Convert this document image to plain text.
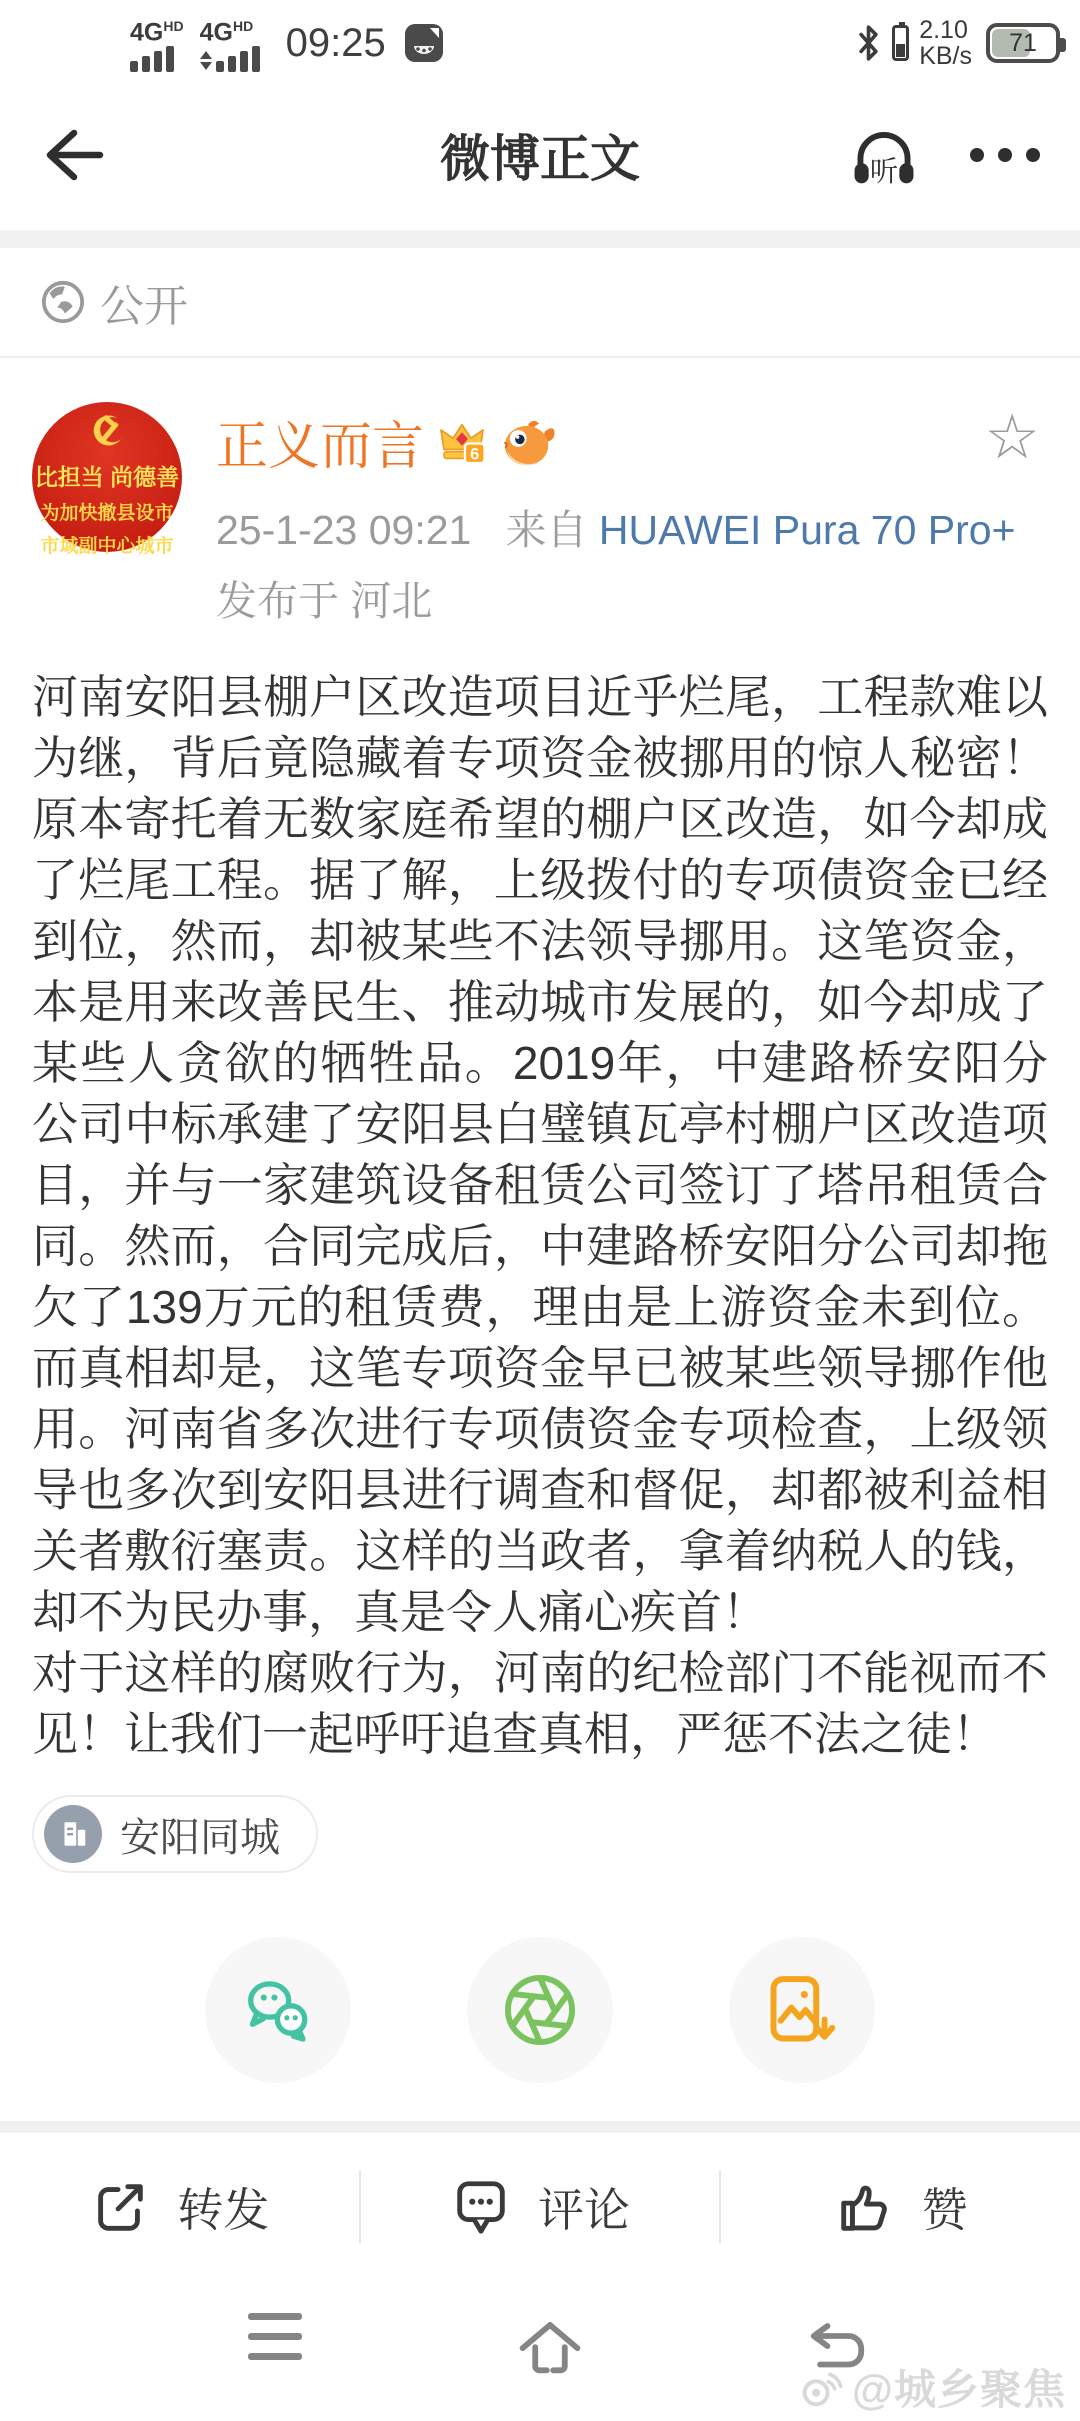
$4G^{HD}$ $4G^{HD}$ 09:25	2.10
KB/s	71
微博正文	听
公开
比担当 尚德善
为加快撤县设市
市域副中心城市
正义而言	6
25-1-23 09:21 来自 HUAWEI Pura 70 Pro+
发布于 河北
☆

河南安阳县棚户区改造项目近乎烂尾，工程款难以为继，背后竟隐藏着专项资金被挪用的惊人秘密！原本寄托着无数家庭希望的棚户区改造，如今却成了烂尾工程。据了解，上级拨付的专项债资金已经到位，然而，却被某些不法领导挪用。这笔资金，本是用来改善民生、推动城市发展的，如今却成了某些人贪欲的牺牲品。2019年，中建路桥安阳分公司中标承建了安阳县白璧镇瓦亭村棚户区改造项目，并与一家建筑设备租赁公司签订了塔吊租赁合同。然而，合同完成后，中建路桥安阳分公司却拖欠了139万元的租赁费，理由是上游资金未到位。而真相却是，这笔专项资金早已被某些领导挪作他用。河南省多次进行专项债资金专项检查，上级领导也多次到安阳县进行调查和督促，却都被利益相关者敷衍塞责。这样的当政者，拿着纳税人的钱，却不为民办事，真是令人痛心疾首！

对于这样的腐败行为，河南的纪检部门不能视而不见！让我们一起呼吁追查真相，严惩不法之徒！

安阳同城
转发	评论	赞
@城乡聚焦
